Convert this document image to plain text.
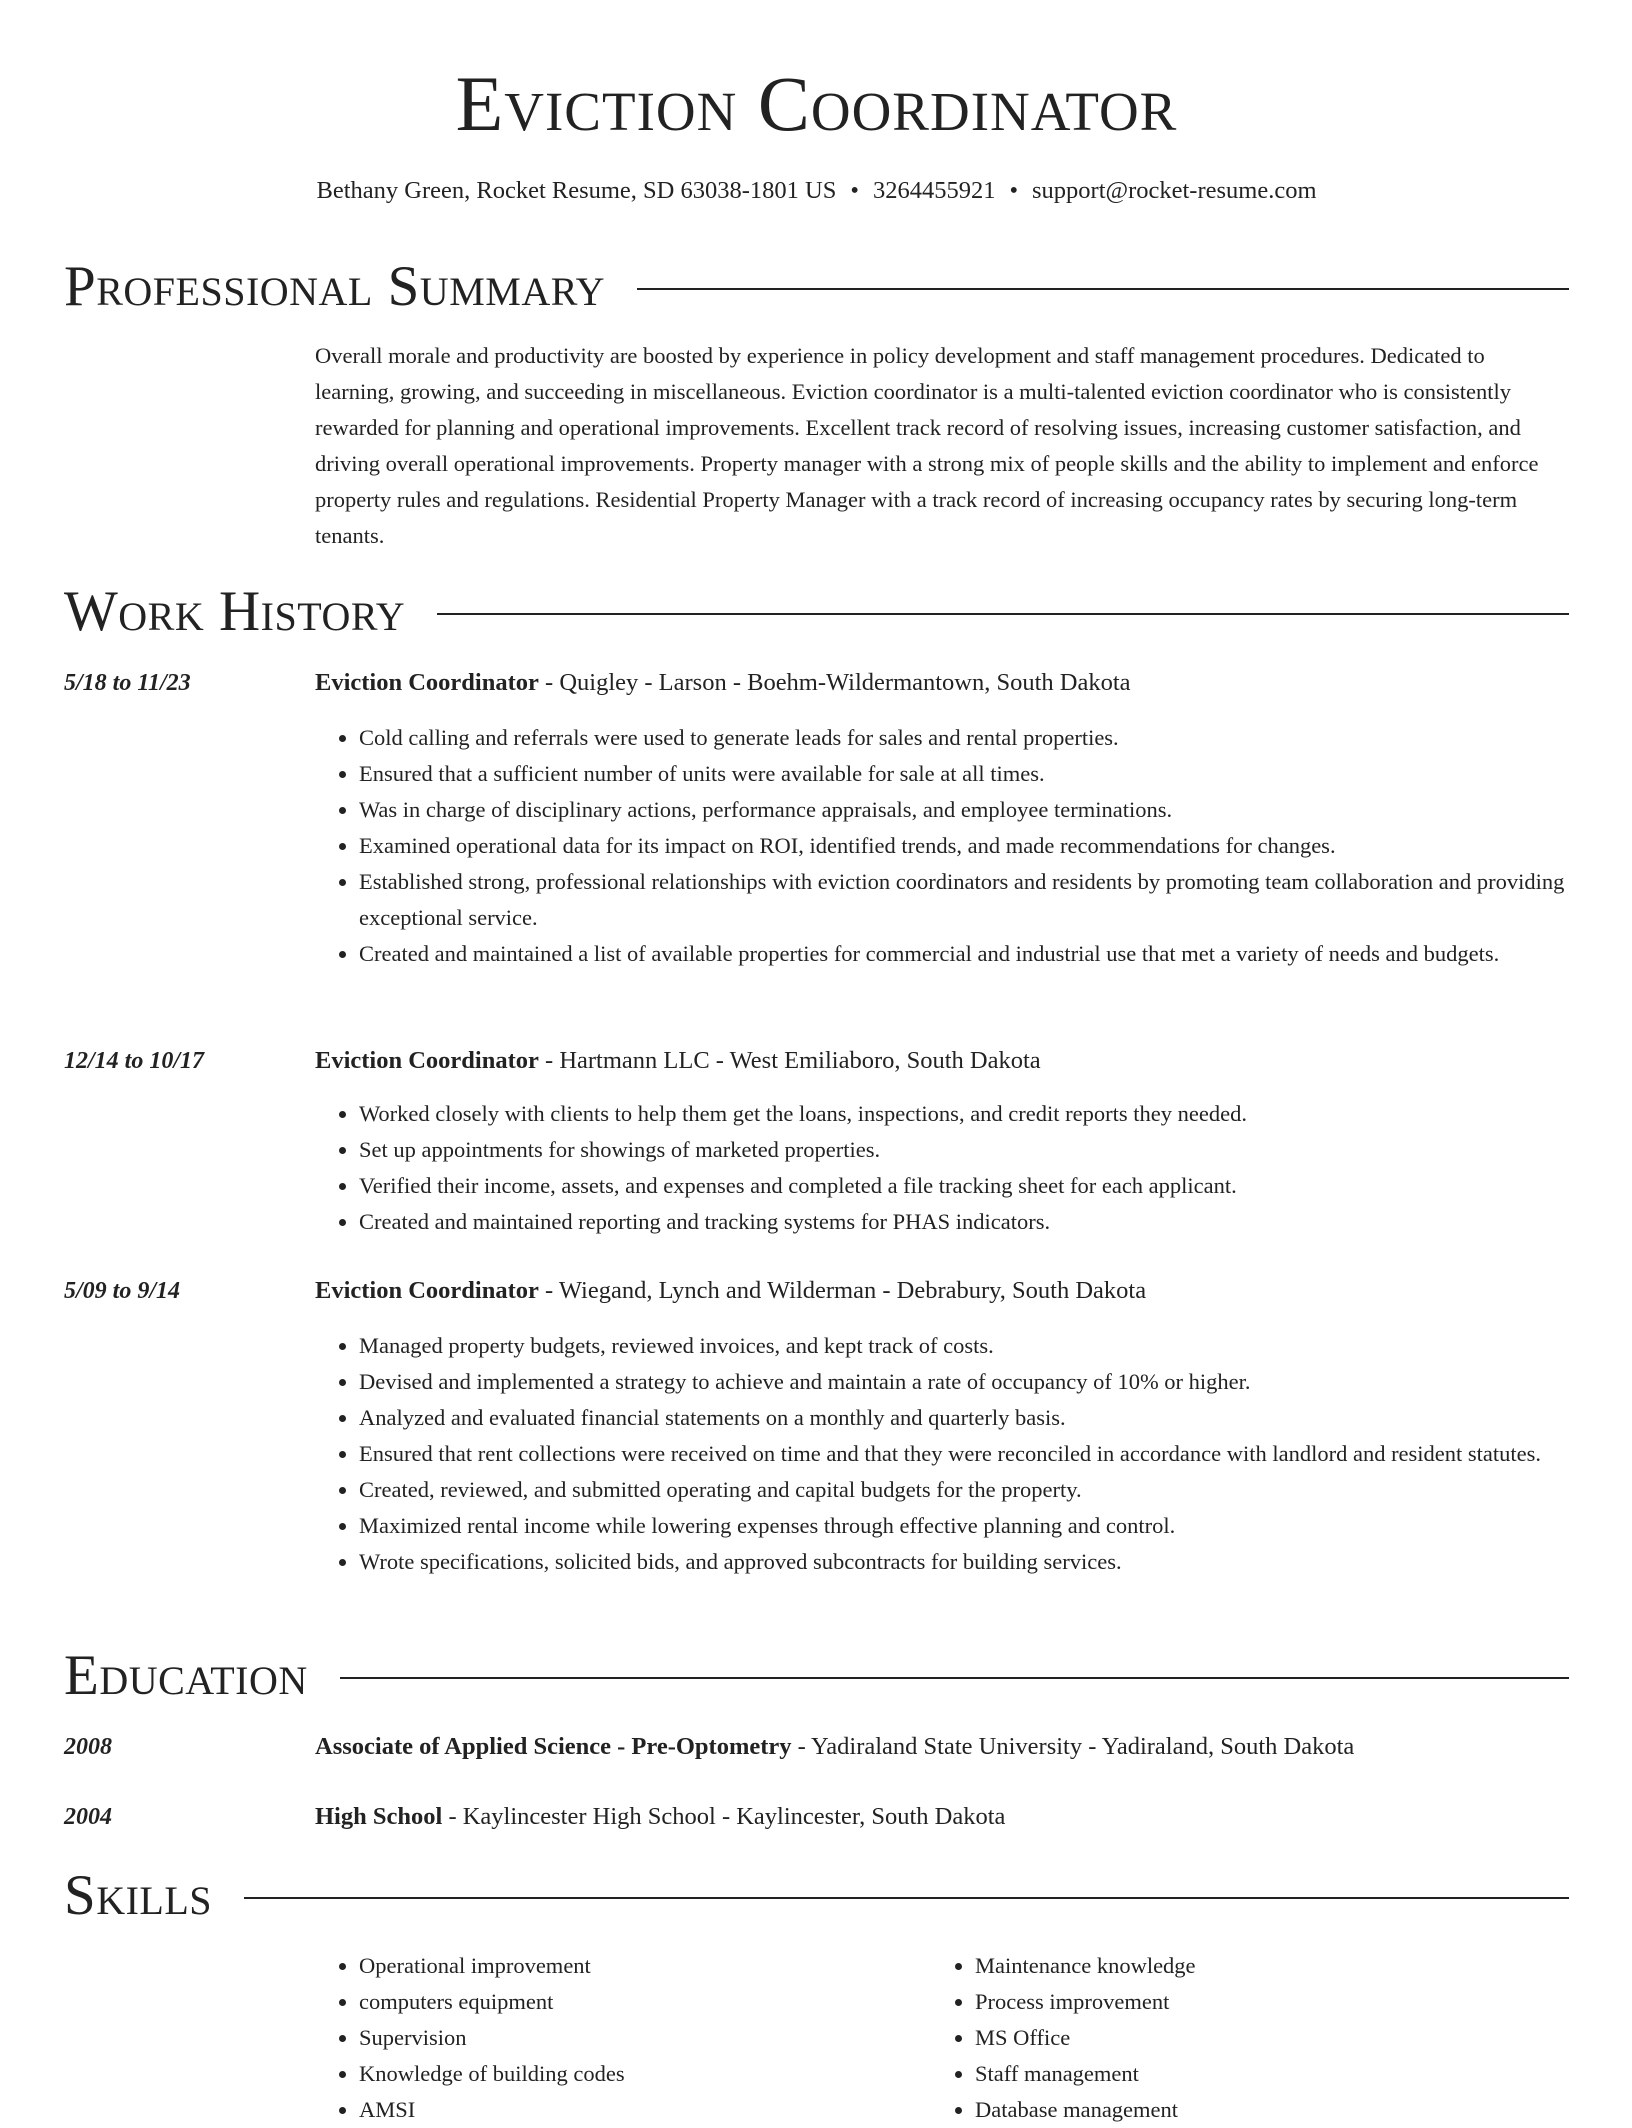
Eviction Coordinator
Bethany Green, Rocket Resume, SD 63038-1801 US • 3264455921 • support@rocket-resume.com
Professional Summary
Overall morale and productivity are boosted by experience in policy development and staff management procedures. Dedicated to learning, growing, and succeeding in miscellaneous. Eviction coordinator is a multi-talented eviction coordinator who is consistently rewarded for planning and operational improvements. Excellent track record of resolving issues, increasing customer satisfaction, and driving overall operational improvements. Property manager with a strong mix of people skills and the ability to implement and enforce property rules and regulations. Residential Property Manager with a track record of increasing occupancy rates by securing long-term tenants.
Work History
5/18 to 11/23	Eviction Coordinator - Quigley - Larson - Boehm-Wildermantown, South Dakota
• Cold calling and referrals were used to generate leads for sales and rental properties.
• Ensured that a sufficient number of units were available for sale at all times.
• Was in charge of disciplinary actions, performance appraisals, and employee terminations.
• Examined operational data for its impact on ROI, identified trends, and made recommendations for changes.
• Established strong, professional relationships with eviction coordinators and residents by promoting team collaboration and providing exceptional service.
• Created and maintained a list of available properties for commercial and industrial use that met a variety of needs and budgets.
12/14 to 10/17	Eviction Coordinator - Hartmann LLC - West Emiliaboro, South Dakota
• Worked closely with clients to help them get the loans, inspections, and credit reports they needed.
• Set up appointments for showings of marketed properties.
• Verified their income, assets, and expenses and completed a file tracking sheet for each applicant.
• Created and maintained reporting and tracking systems for PHAS indicators.
5/09 to 9/14	Eviction Coordinator - Wiegand, Lynch and Wilderman - Debrabury, South Dakota
• Managed property budgets, reviewed invoices, and kept track of costs.
• Devised and implemented a strategy to achieve and maintain a rate of occupancy of 10% or higher.
• Analyzed and evaluated financial statements on a monthly and quarterly basis.
• Ensured that rent collections were received on time and that they were reconciled in accordance with landlord and resident statutes.
• Created, reviewed, and submitted operating and capital budgets for the property.
• Maximized rental income while lowering expenses through effective planning and control.
• Wrote specifications, solicited bids, and approved subcontracts for building services.
Education
2008	Associate of Applied Science - Pre-Optometry - Yadiraland State University - Yadiraland, South Dakota
2004	High School - Kaylincester High School - Kaylincester, South Dakota
Skills
• Operational improvement
• computers equipment
• Supervision
• Knowledge of building codes
• AMSI
• Maintenance knowledge
• Process improvement
• MS Office
• Staff management
• Database management
